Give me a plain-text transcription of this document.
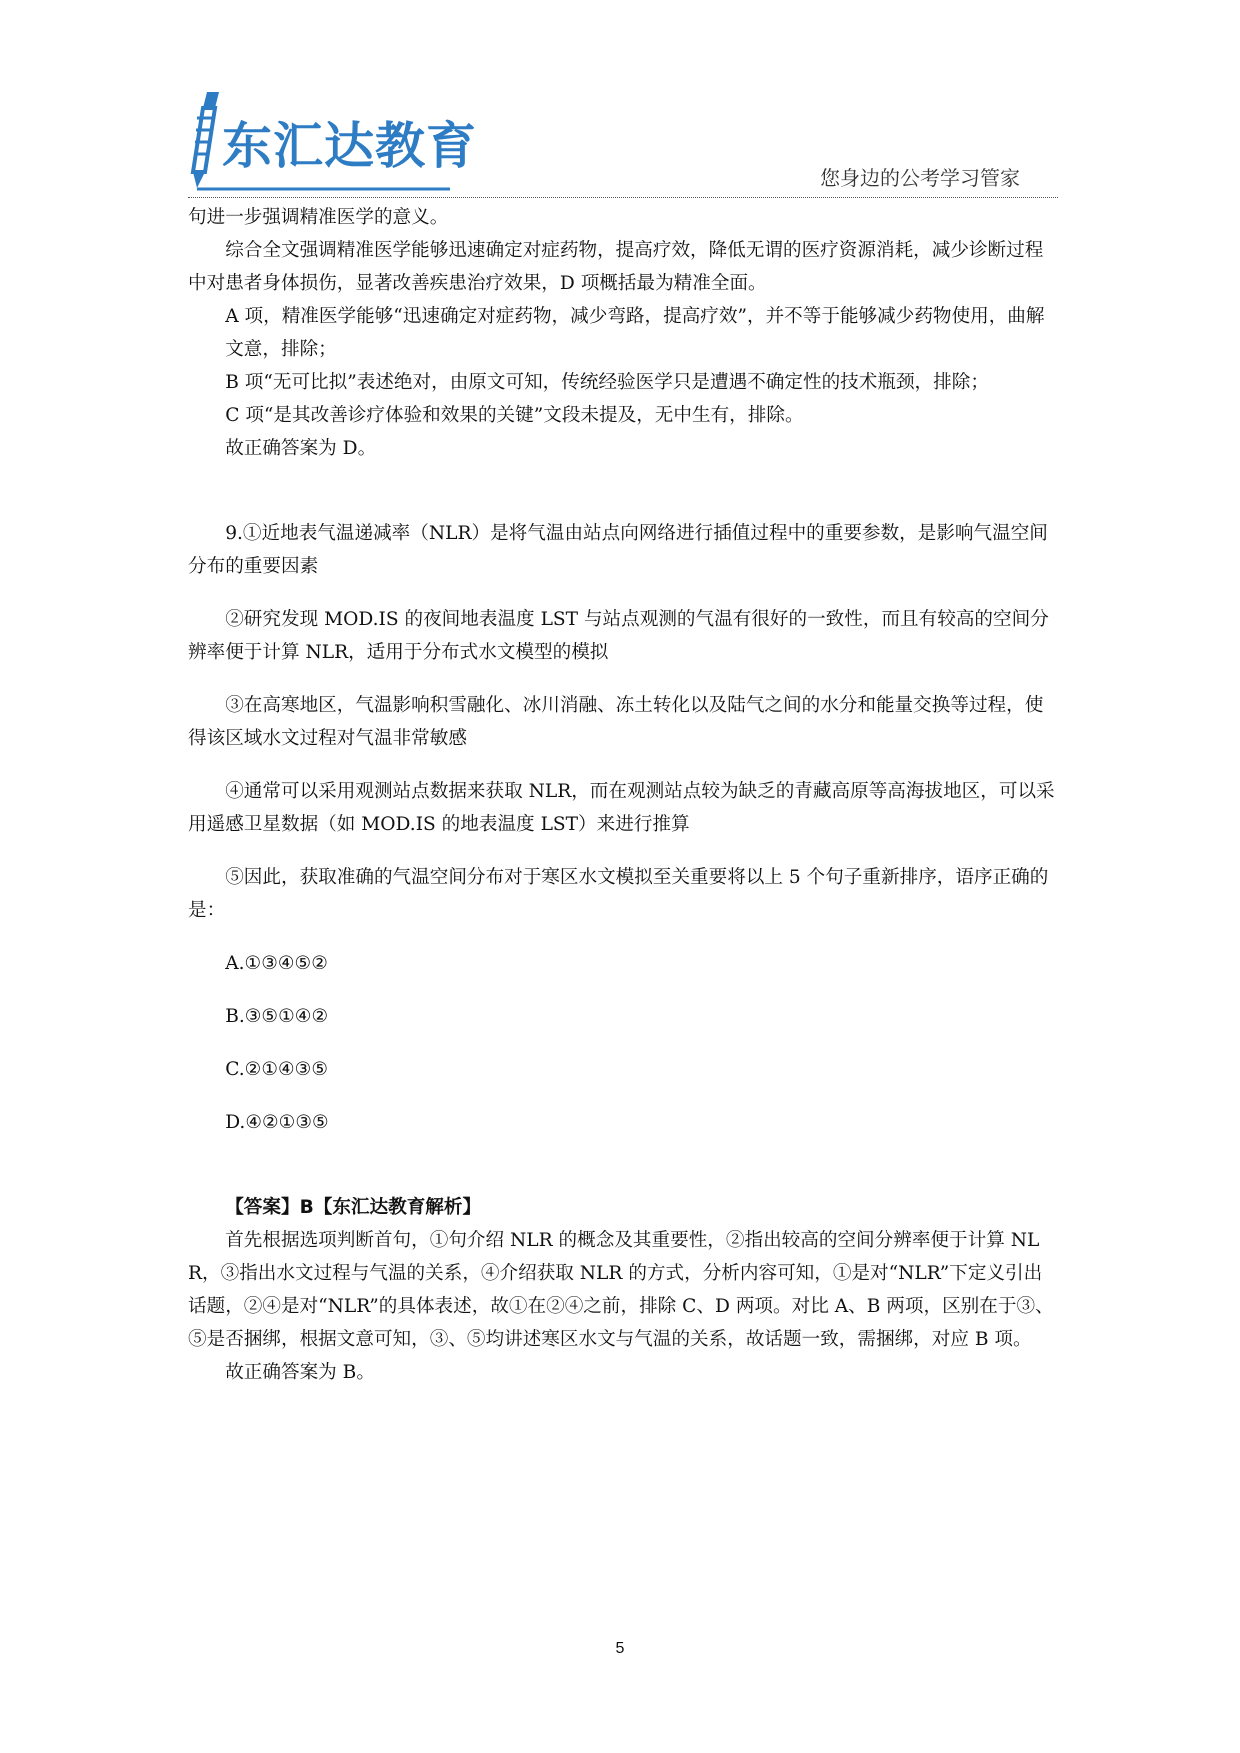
东汇达教育
您身边的公考学习管家

句进一步强调精准医学的意义。

综合全文强调精准医学能够迅速确定对症药物，提高疗效，降低无谓的医疗资源消耗，减少诊断过程中对患者身体损伤，显著改善疾患治疗效果，D 项概括最为精准全面。

A 项，精准医学能够“迅速确定对症药物，减少弯路，提高疗效”，并不等于能够减少药物使用，曲解文意，排除；

B 项“无可比拟”表述绝对，由原文可知，传统经验医学只是遭遇不确定性的技术瓶颈，排除；

C 项“是其改善诊疗体验和效果的关键”文段未提及，无中生有，排除。

故正确答案为 D。

9.①近地表气温递减率（NLR）是将气温由站点向网络进行插值过程中的重要参数，是影响气温空间分布的重要因素

②研究发现 MOD.IS 的夜间地表温度 LST 与站点观测的气温有很好的一致性，而且有较高的空间分辨率便于计算 NLR，适用于分布式水文模型的模拟

③在高寒地区，气温影响积雪融化、冰川消融、冻土转化以及陆气之间的水分和能量交换等过程，使得该区域水文过程对气温非常敏感

④通常可以采用观测站点数据来获取 NLR，而在观测站点较为缺乏的青藏高原等高海拔地区，可以采用遥感卫星数据（如 MOD.IS 的地表温度 LST）来进行推算

⑤因此，获取准确的气温空间分布对于寒区水文模拟至关重要将以上 5 个句子重新排序，语序正确的是：

A.①③④⑤②

B.③⑤①④②

C.②①④③⑤

D.④②①③⑤

【答案】B【东汇达教育解析】

首先根据选项判断首句，①句介绍 NLR 的概念及其重要性，②指出较高的空间分辨率便于计算 NLR，③指出水文过程与气温的关系，④介绍获取 NLR 的方式，分析内容可知，①是对“NLR”下定义引出话题，②④是对“NLR”的具体表述，故①在②④之前，排除 C、D 两项。对比 A、B 两项，区别在于③、⑤是否捆绑，根据文意可知，③、⑤均讲述寒区水文与气温的关系，故话题一致，需捆绑，对应 B 项。

故正确答案为 B。

5
